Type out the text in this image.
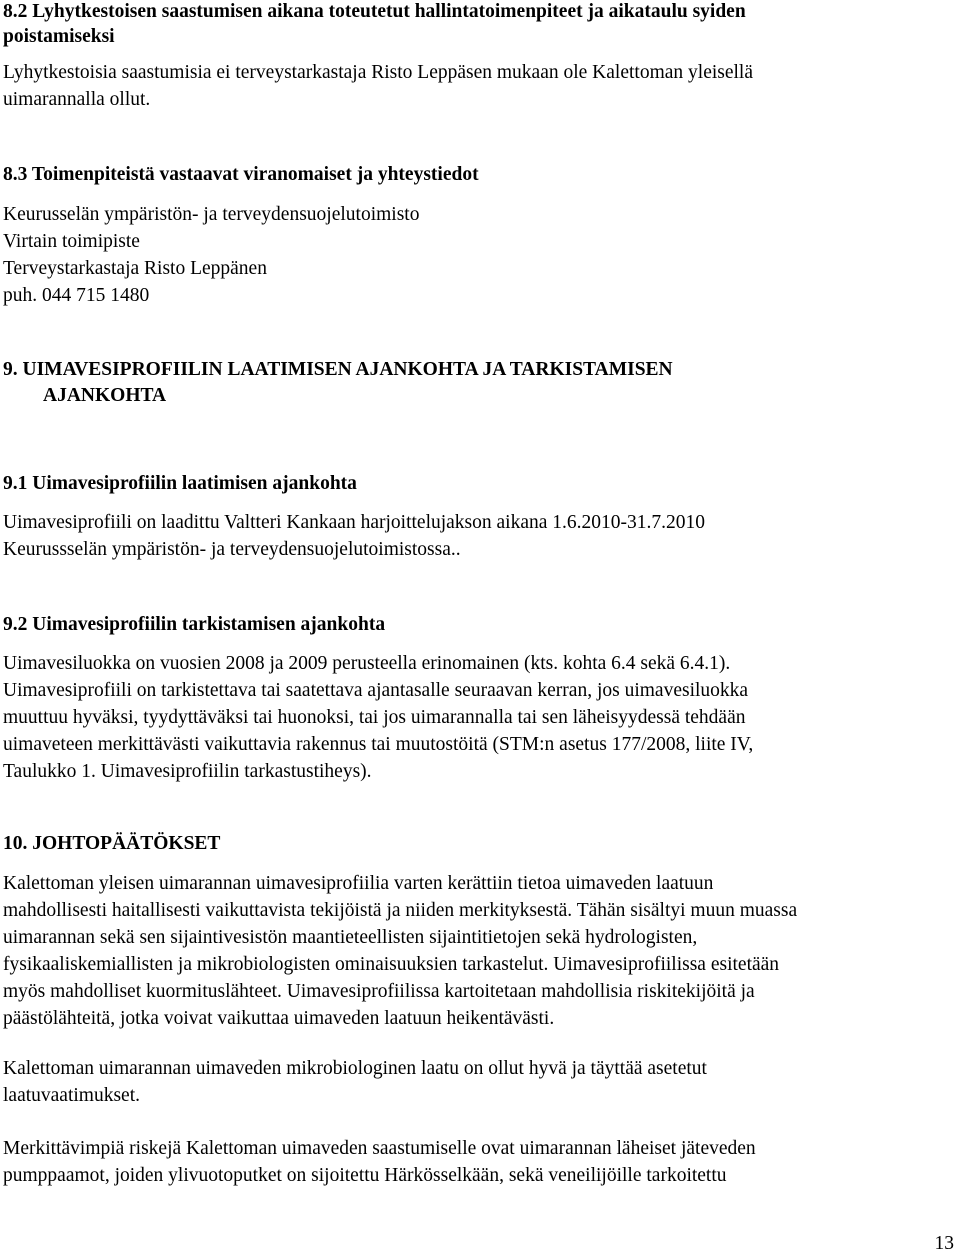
8.2 Lyhytkestoisen saastumisen aikana toteutetut hallintatoimenpiteet ja aikataulu syiden
poistamiseksi
Lyhytkestoisia saastumisia ei terveystarkastaja Risto Leppäsen mukaan ole Kalettoman yleisellä
uimarannalla ollut.
8.3 Toimenpiteistä vastaavat viranomaiset ja yhteystiedot
Keurusselän ympäristön- ja terveydensuojelutoimisto
Virtain toimipiste
Terveystarkastaja Risto Leppänen
puh. 044 715 1480
9. UIMAVESIPROFIILIN LAATIMISEN AJANKOHTA JA TARKISTAMISEN
AJANKOHTA
9.1 Uimavesiprofiilin laatimisen ajankohta
Uimavesiprofiili on laadittu Valtteri Kankaan harjoittelujakson aikana 1.6.2010-31.7.2010
Keurussselän ympäristön- ja terveydensuojelutoimistossa..
9.2 Uimavesiprofiilin tarkistamisen ajankohta
Uimavesiluokka on vuosien 2008 ja 2009 perusteella erinomainen (kts. kohta 6.4 sekä 6.4.1).
Uimavesiprofiili on tarkistettava tai saatettava ajantasalle seuraavan kerran, jos uimavesiluokka
muuttuu hyväksi, tyydyttäväksi tai huonoksi, tai jos uimarannalla tai sen läheisyydessä tehdään
uimaveteen merkittävästi vaikuttavia rakennus tai muutostöitä (STM:n asetus 177/2008, liite IV,
Taulukko 1. Uimavesiprofiilin tarkastustiheys).
10. JOHTOPÄÄTÖKSET
Kalettoman yleisen uimarannan uimavesiprofiilia varten kerättiin tietoa uimaveden laatuun
mahdollisesti haitallisesti vaikuttavista tekijöistä ja niiden merkityksestä. Tähän sisältyi muun muassa
uimarannan sekä sen sijaintivesistön maantieteellisten sijaintitietojen sekä hydrologisten,
fysikaaliskemiallisten ja mikrobiologisten ominaisuuksien tarkastelut. Uimavesiprofiilissa esitetään
myös mahdolliset kuormituslähteet. Uimavesiprofiilissa kartoitetaan mahdollisia riskitekijöitä ja
päästölähteitä, jotka voivat vaikuttaa uimaveden laatuun heikentävästi.
Kalettoman uimarannan uimaveden mikrobiologinen laatu on ollut hyvä ja täyttää asetetut
laatuvaatimukset.
Merkittävimpiä riskejä Kalettoman uimaveden saastumiselle ovat uimarannan läheiset jäteveden
pumppaamot, joiden ylivuotoputket on sijoitettu Härkösselkään, sekä veneilijöille tarkoitettu
13
